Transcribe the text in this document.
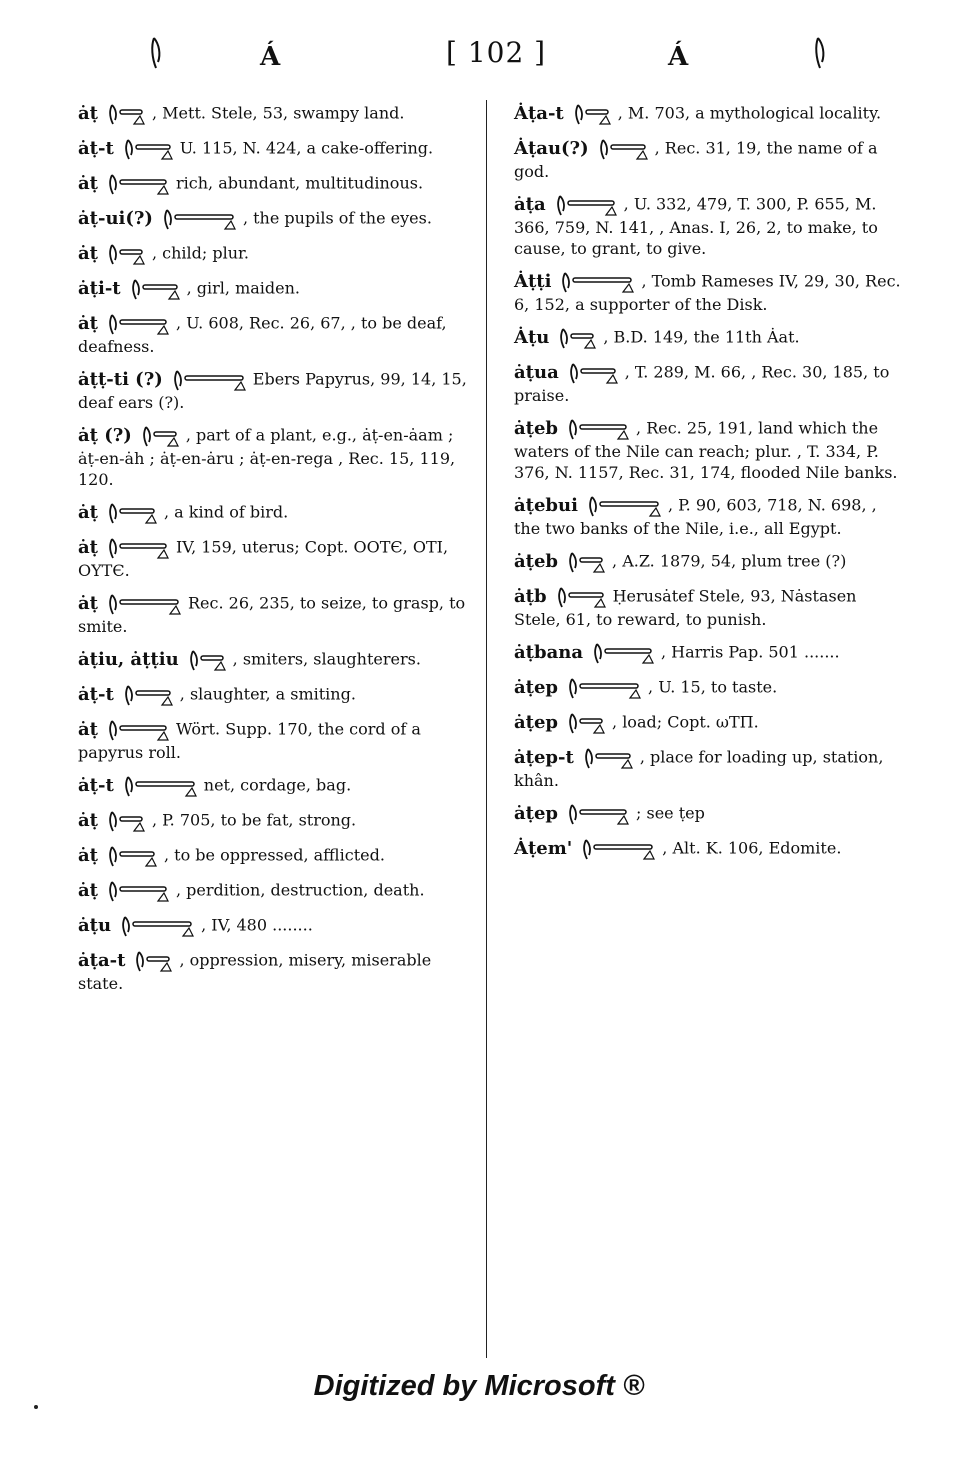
Á	[ 102 ]	Á
ȧṭ	, Mett. Stele, 53, swampy land.
ȧṭ-t	U. 115, N. 424, a cake-offering.
ȧṭ	rich, abundant, multitudinous.
ȧṭ-ui(?)	, the pupils of the eyes.
ȧṭ	, child; plur.
ȧṭi-t	, girl, maiden.
ȧṭ	, U. 608, Rec. 26, 67, , to be deaf, deafness.
ȧṭṭ-ti (?)	Ebers Papyrus, 99, 14, 15, deaf ears (?).
ȧṭ (?)	, part of a plant, e.g., ȧṭ-en-ȧam ; ȧṭ-en-ȧh ; ȧṭ-en-ȧru ; ȧṭ-en-rega , Rec. 15, 119, 120.
ȧṭ	, a kind of bird.
ȧṭ	IV, 159, uterus; Copt. ΟΟΤЄ, ΟΤΙ, ΟΥΤЄ.
ȧṭ	Rec. 26, 235, to seize, to grasp, to smite.
ȧṭiu, ȧṭṭiu	, smiters, slaughterers.
ȧṭ-t	, slaughter, a smiting.
ȧṭ	Wört. Supp. 170, the cord of a papyrus roll.
ȧṭ-t	net, cordage, bag.
ȧṭ	, P. 705, to be fat, strong.
ȧṭ	, to be oppressed, afflicted.
ȧṭ	, perdition, destruction, death.
ȧṭu	, IV, 480 ........
ȧṭa-t	, oppression, misery, miserable state.
Ȧṭa-t	, M. 703, a mythological locality.
Ȧṭau(?)	, Rec. 31, 19, the name of a god.
ȧṭa	, U. 332, 479, T. 300, P. 655, M. 366, 759, N. 141, , Anas. I, 26, 2, to make, to cause, to grant, to give.
Ȧṭṭi	, Tomb Rameses IV, 29, 30, Rec. 6, 152, a supporter of the Disk.
Ȧṭu	, B.D. 149, the 11th Ȧat.
ȧṭua	, T. 289, M. 66, , Rec. 30, 185, to praise.
ȧṭeb	, Rec. 25, 191, land which the waters of the Nile can reach; plur. , T. 334, P. 376, N. 1157, Rec. 31, 174, flooded Nile banks.
ȧṭebui	, P. 90, 603, 718, N. 698, , the two banks of the Nile, i.e., all Egypt.
ȧṭeb	, A.Z. 1879, 54, plum tree (?)
ȧṭb	Ḥerusȧtef Stele, 93, Nȧstasen Stele, 61, to reward, to punish.
ȧṭbana	, Harris Pap. 501 .......
ȧṭep	, U. 15, to taste.
ȧṭep	, load; Copt. ωΤΠ.
ȧṭep-t	, place for loading up, station, khân.
ȧṭep	; see ṭep
Ȧṭem'	, Alt. K. 106, Edomite.
Digitized by Microsoft ®
